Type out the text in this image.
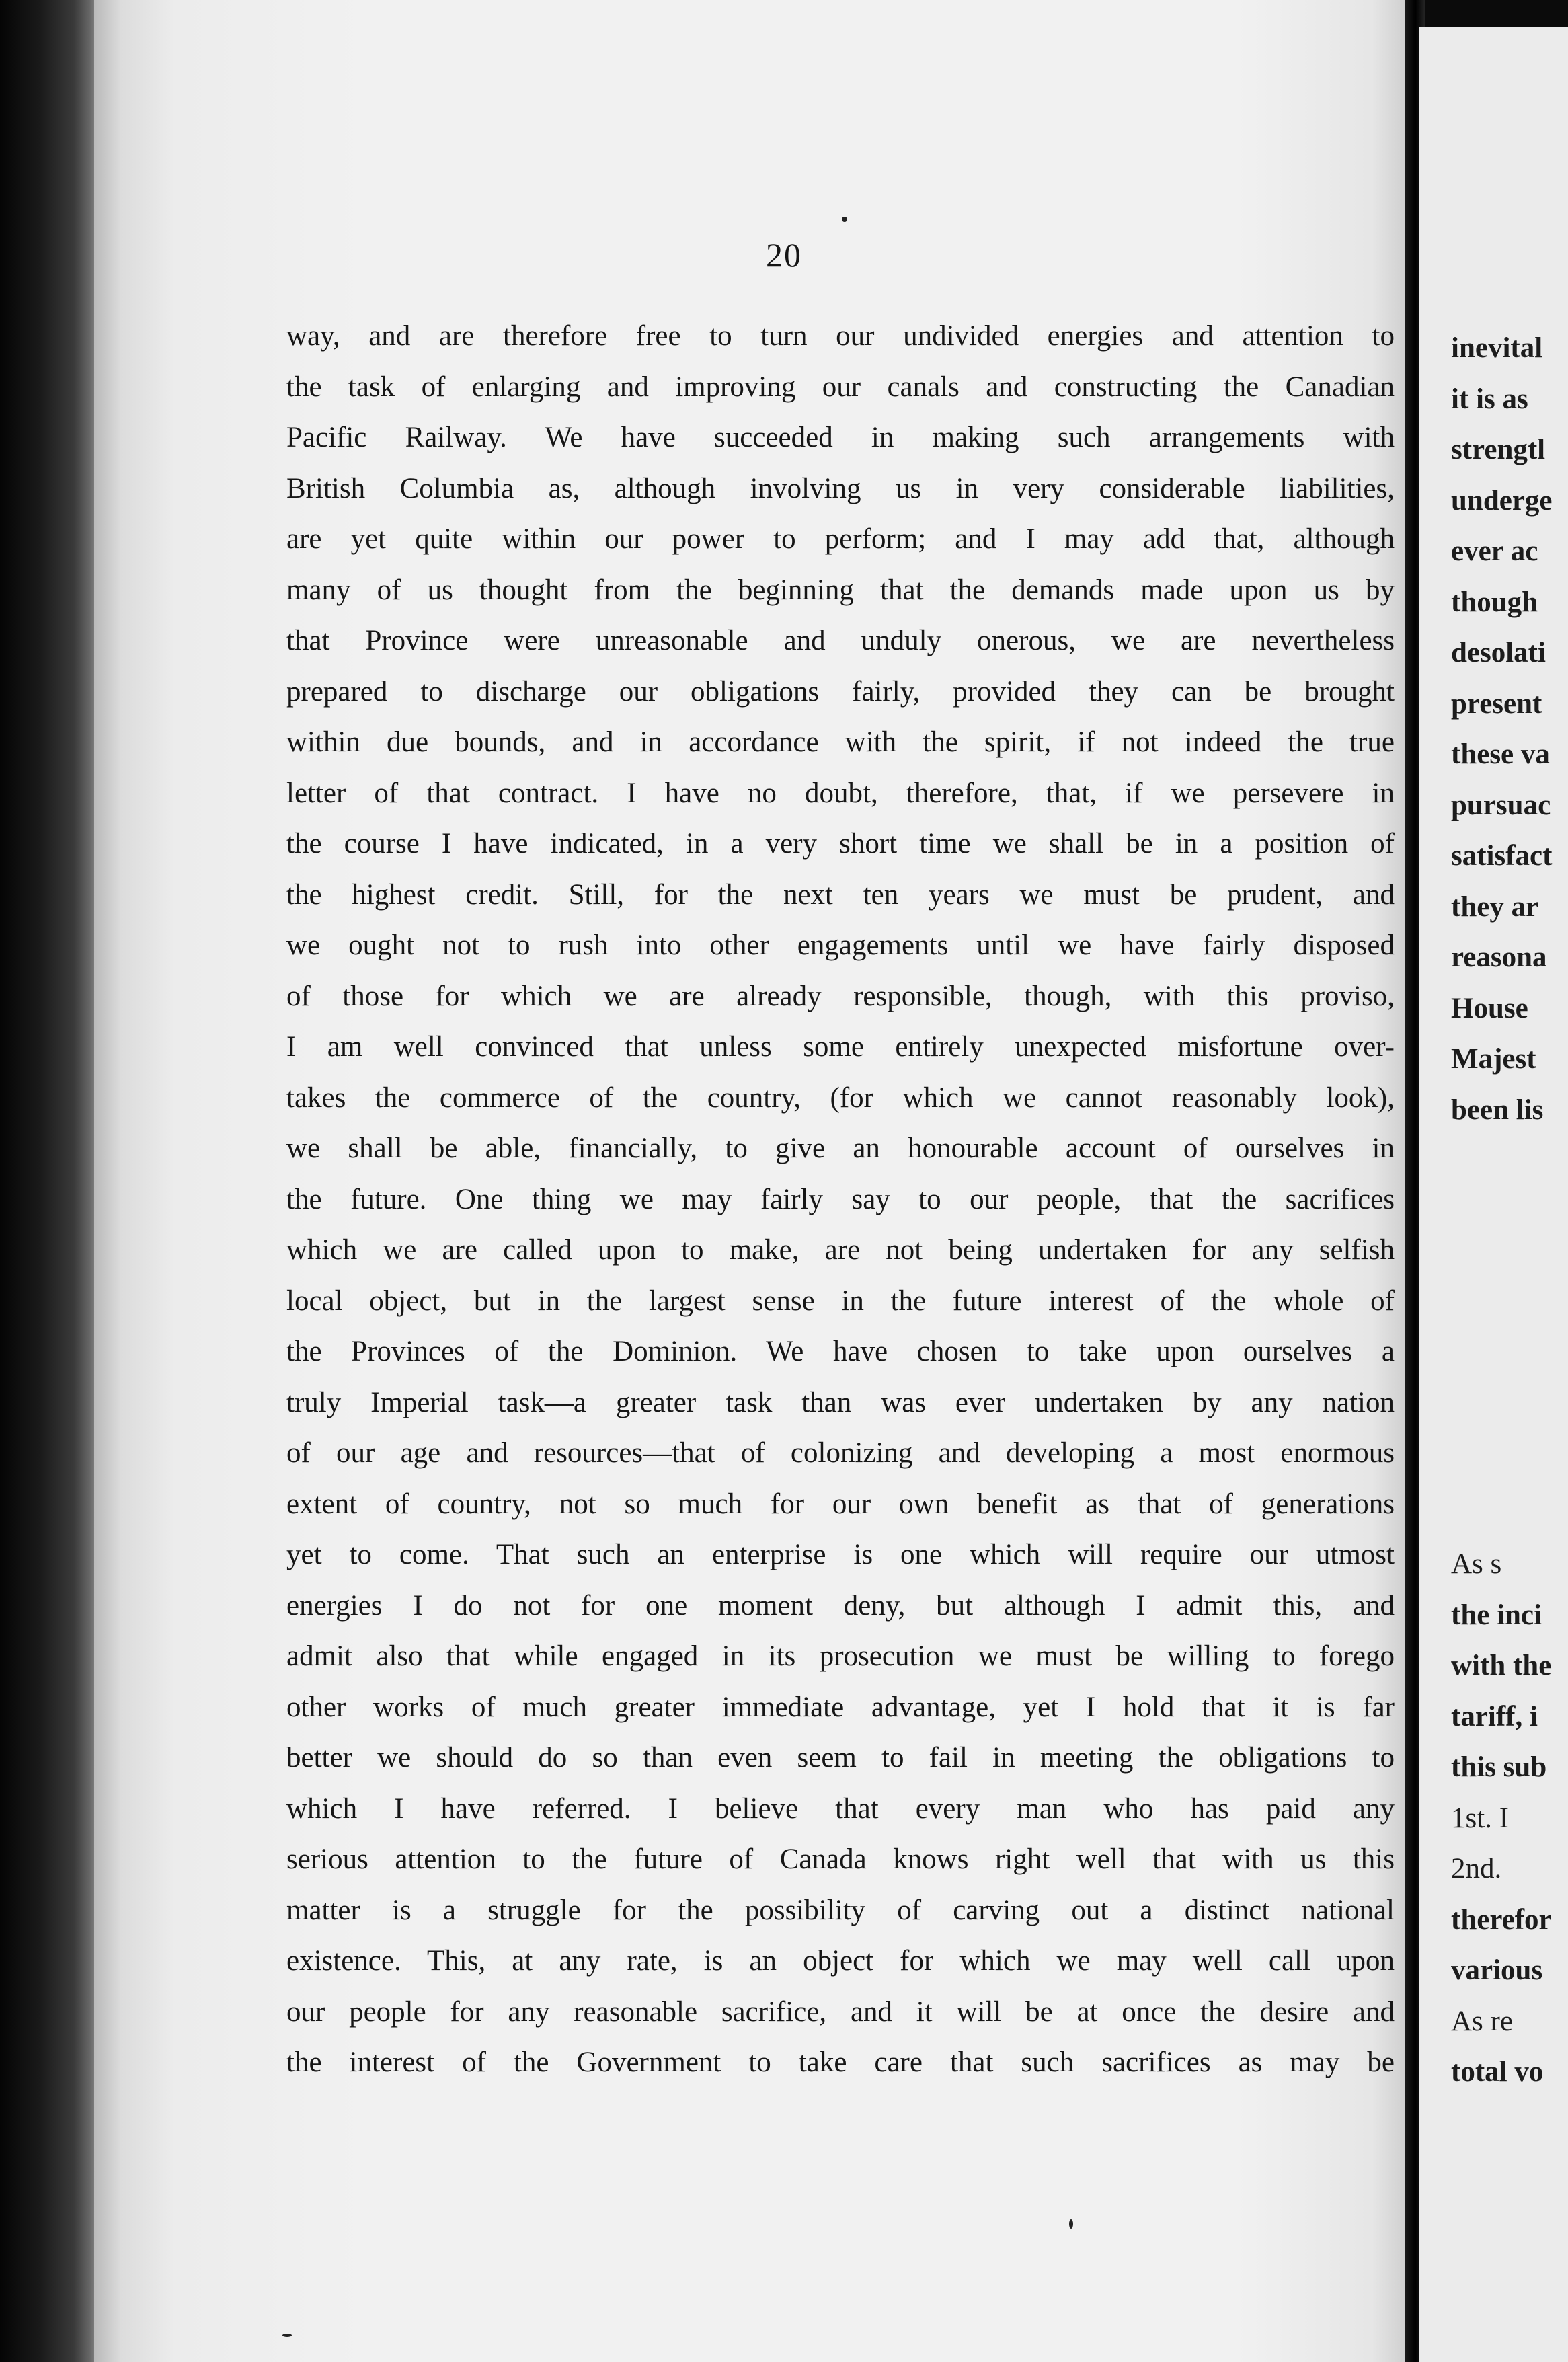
inevital
it is as
strengtl
underge
ever ac
though
desolati
present
these va
pursuac
satisfact
they ar
reasona
House
Majest
been lis
As s
the inci
with the
tariff, i
this sub
1st. I
2nd.
therefor
various
As re
total vo
20
way, and are therefore free to turn our undivided energies and attention to
the task of enlarging and improving our canals and constructing the Canadian
Pacific Railway. We have succeeded in making such arrangements with
British Columbia as, although involving us in very considerable liabilities,
are yet quite within our power to perform; and I may add that, although
many of us thought from the beginning that the demands made upon us by
that Province were unreasonable and unduly onerous, we are nevertheless
prepared to discharge our obligations fairly, provided they can be brought
within due bounds, and in accordance with the spirit, if not indeed the true
letter of that contract. I have no doubt, therefore, that, if we persevere in
the course I have indicated, in a very short time we shall be in a position of
the highest credit. Still, for the next ten years we must be prudent, and
we ought not to rush into other engagements until we have fairly disposed
of those for which we are already responsible, though, with this proviso,
I am well convinced that unless some entirely unexpected misfortune over-
takes the commerce of the country, (for which we cannot reasonably look),
we shall be able, financially, to give an honourable account of ourselves in
the future. One thing we may fairly say to our people, that the sacrifices
which we are called upon to make, are not being undertaken for any selfish
local object, but in the largest sense in the future interest of the whole of
the Provinces of the Dominion. We have chosen to take upon ourselves a
truly Imperial task—a greater task than was ever undertaken by any nation
of our age and resources—that of colonizing and developing a most enormous
extent of country, not so much for our own benefit as that of generations
yet to come. That such an enterprise is one which will require our utmost
energies I do not for one moment deny, but although I admit this, and
admit also that while engaged in its prosecution we must be willing to forego
other works of much greater immediate advantage, yet I hold that it is far
better we should do so than even seem to fail in meeting the obligations to
which I have referred. I believe that every man who has paid any
serious attention to the future of Canada knows right well that with us this
matter is a struggle for the possibility of carving out a distinct national
existence. This, at any rate, is an object for which we may well call upon
our people for any reasonable sacrifice, and it will be at once the desire and
the interest of the Government to take care that such sacrifices as may be
